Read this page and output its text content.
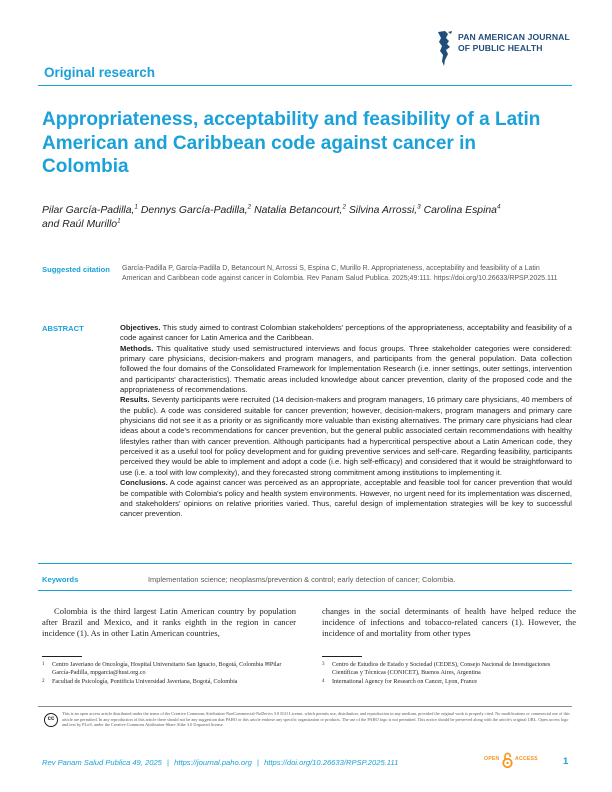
PAN AMERICAN JOURNAL
OF PUBLIC HEALTH
Original research
Appropriateness, acceptability and feasibility of a Latin American and Caribbean code against cancer in Colombia
Pilar García-Padilla,$^1$ Dennys García-Padilla,$^2$ Natalia Betancourt,$^2$ Silvina Arrossi,$^3$ Carolina Espina$^4$
and Raúl Murillo$^1$
Suggested citation García-Padilla P, García-Padilla D, Betancourt N, Arrossi S, Espina C, Murillo R. Appropriateness, acceptability and feasibility of a Latin American and Caribbean code against cancer in Colombia. Rev Panam Salud Publica. 2025;49:111. https://doi.org/10.26633/RPSP.2025.111
ABSTRACT	Objectives. This study aimed to contrast Colombian stakeholders' perceptions of the appropriateness, acceptability and feasibility of a code against cancer for Latin America and the Caribbean.

Methods. This qualitative study used semistructured interviews and focus groups. Three stakeholder categories were considered: primary care physicians, decision-makers and program managers, and participants from the general population. Data collection followed the four domains of the Consolidated Framework for Implementation Research (i.e. inner settings, outer settings, intervention and participants' characteristics). Thematic areas included knowledge about cancer prevention, clarity of the proposed code and the appropriateness of recommendations.

Results. Seventy participants were recruited (14 decision-makers and program managers, 16 primary care physicians, 40 members of the public). A code was considered suitable for cancer prevention; however, decision-makers, program managers and primary care physicians did not see it as a priority or as significantly more valuable than existing alternatives. The primary care physicians had clear ideas about a code's recommendations for cancer prevention, but the general public associated certain recommendations with healthy lifestyles rather than with cancer prevention. Although participants had a hypercritical perspective about a Latin American code, they perceived it as a useful tool for policy development and for guiding preventive services and self-care. Regarding feasibility, participants perceived they would be able to implement and adopt a code (i.e. high self-efficacy) and considered that it would be straightforward to use (i.e. a tool with low complexity), and they forecasted strong commitment among institutions to implementing it.

Conclusions. A code against cancer was perceived as an appropriate, acceptable and feasible tool for cancer prevention that would be compatible with Colombia's policy and health system environments. However, no urgent need for its implementation was discerned, and stakeholders' opinions on relative priorities varied. Thus, careful design of implementation strategies will be key to successful cancer prevention.

Keywords	Implementation science; neoplasms/prevention & control; early detection of cancer; Colombia.
Colombia is the third largest Latin American country by population after Brazil and Mexico, and it ranks eighth in the region in cancer incidence (1). As in other Latin American countries,
changes in the social determinants of health have helped reduce the incidence of infections and tobacco-related cancers (1). However, the incidence of and mortality from other types
1	Centro Javeriano de Oncología, Hospital Universitario San Ignacio, Bogotá, Colombia ✉Pilar García-Padilla, mpgarcia@husi.org.co
2	Facultad de Psicología, Pontificia Universidad Javeriana, Bogotá, Colombia
3	Centro de Estudios de Estado y Sociedad (CEDES), Consejo Nacional de Investigaciones Científicas y Técnicas (CONICET), Buenos Aires, Argentina
4	International Agency for Research on Cancer, Lyon, France
cc
This is an open access article distributed under the terms of the Creative Commons Attribution-NonCommercial-NoDerivs 3.0 IGO License, which permits use, distribution, and reproduction in any medium, provided the original work is properly cited. No modifications or commercial use of this article are permitted. In any reproduction of this article there should not be any suggestion that PAHO or this article endorse any specific organization or products. The use of the PAHO logo is not permitted. This notice should be preserved along with the article's original URL. Open access logo and text by PLoS, under the Creative Commons Attribution-Share Alike 3.0 Unported license.
Rev Panam Salud Publica 49, 2025 | https://journal.paho.org | https://doi.org/10.26633/RPSP.2025.111	OPEN	ACCESS	1
